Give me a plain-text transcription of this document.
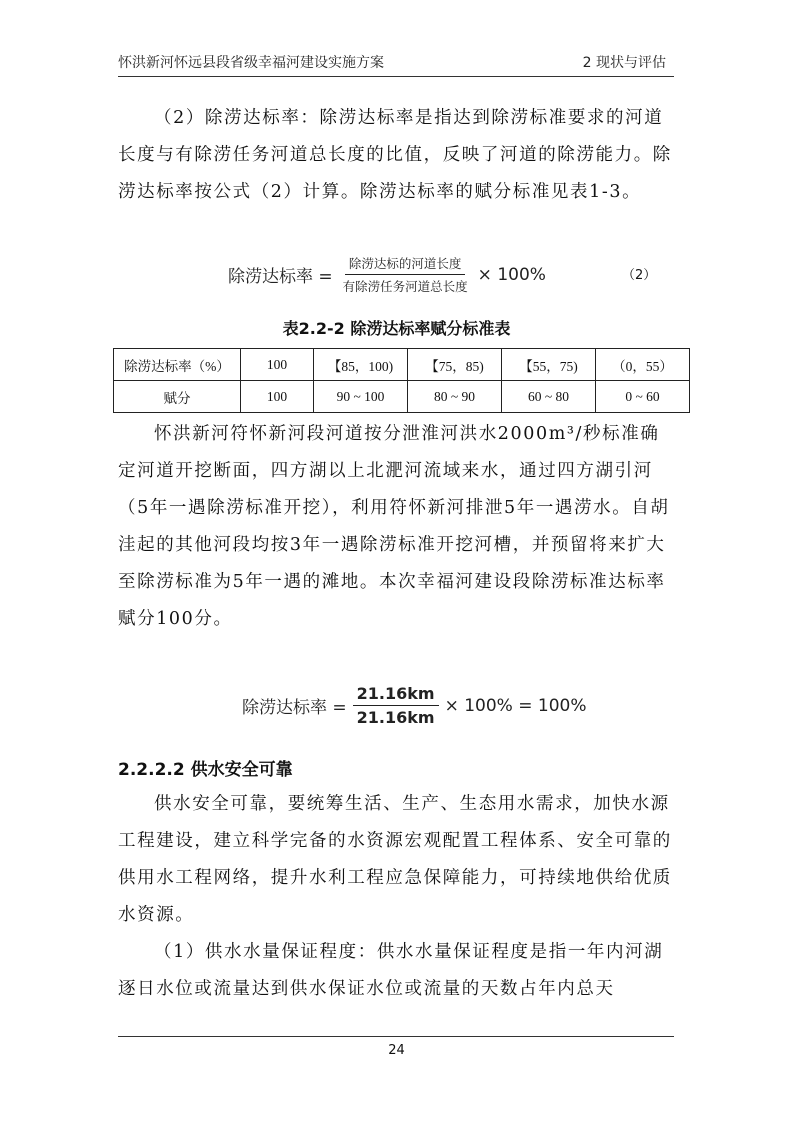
怀洪新河怀远县段省级幸福河建设实施方案	2 现状与评估

（2）除涝达标率：除涝达标率是指达到除涝标准要求的河道长度与有除涝任务河道总长度的比值，反映了河道的除涝能力。除涝达标率按公式（2）计算。除涝达标率的赋分标准见表1-3。

除涝达标率 = $\frac{\text{除涝达标的河道长度}}{\text{有除涝任务河道总长度}} \times 100\%$	（2）
表2.2-2 除涝达标率赋分标准表
除涝达标率（%）	100	【85，100)	【75，85)	【55，75)	（0，55）
赋分	100	90 ~ 100	80 ~ 90	60 ~ 80	0 ~ 60

怀洪新河符怀新河段河道按分泄淮河洪水2000m³/秒标准确定河道开挖断面，四方湖以上北淝河流域来水，通过四方湖引河（5年一遇除涝标准开挖），利用符怀新河排泄5年一遇涝水。自胡洼起的其他河段均按3年一遇除涝标准开挖河槽，并预留将来扩大至除涝标准为5年一遇的滩地。本次幸福河建设段除涝标准达标率赋分100分。

除涝达标率 = $\frac{21.16km}{21.16km} \times 100\% = 100\%$
2.2.2.2 供水安全可靠

供水安全可靠，要统筹生活、生产、生态用水需求，加快水源工程建设，建立科学完备的水资源宏观配置工程体系、安全可靠的供用水工程网络，提升水利工程应急保障能力，可持续地供给优质水资源。

（1）供水水量保证程度：供水水量保证程度是指一年内河湖逐日水位或流量达到供水保证水位或流量的天数占年内总天

24
